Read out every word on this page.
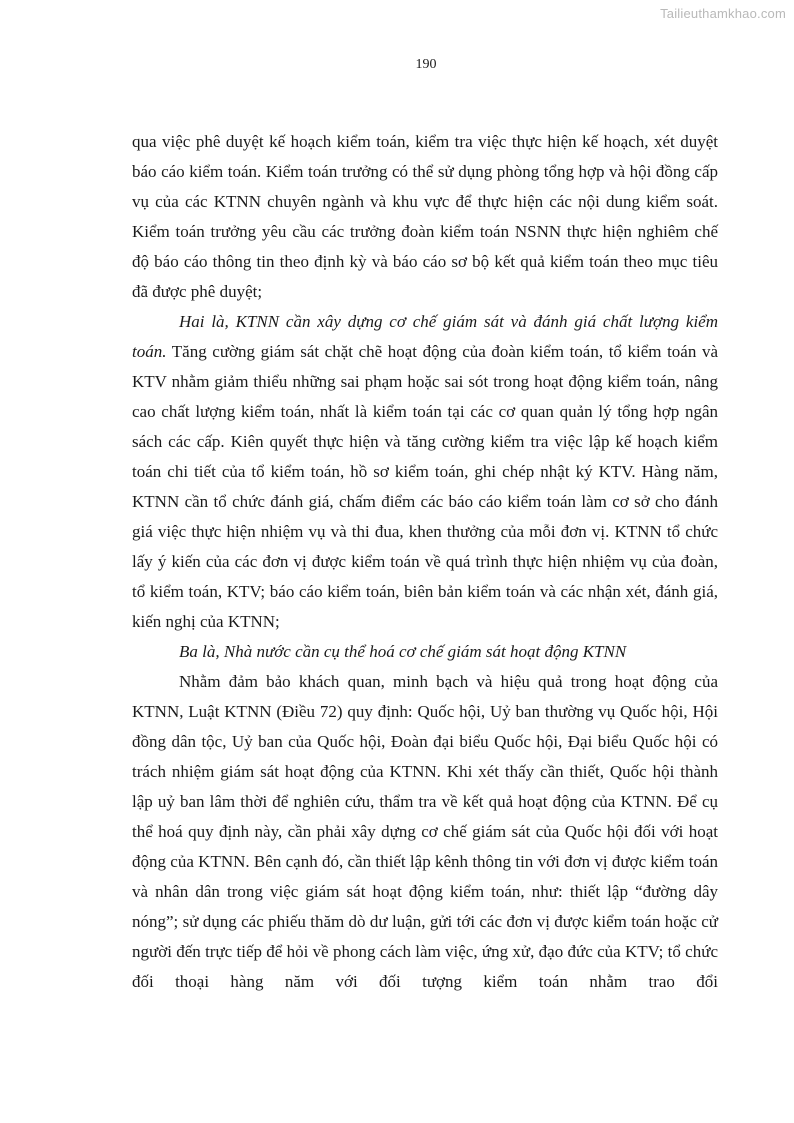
Tailieuthamkhao.com
190

qua việc phê duyệt kế hoạch kiểm toán, kiểm tra việc thực hiện kế hoạch, xét duyệt báo cáo kiểm toán. Kiểm toán trưởng có thể sử dụng phòng tổng hợp và hội đồng cấp vụ của các KTNN chuyên ngành và khu vực để thực hiện các nội dung kiểm soát. Kiểm toán trưởng yêu cầu các trưởng đoàn kiểm toán NSNN thực hiện nghiêm chế độ báo cáo thông tin theo định kỳ và báo cáo sơ bộ kết quả kiểm toán theo mục tiêu đã được phê duyệt;

Hai là, KTNN cần xây dựng cơ chế giám sát và đánh giá chất lượng kiểm toán. Tăng cường giám sát chặt chẽ hoạt động của đoàn kiểm toán, tổ kiểm toán và KTV nhằm giảm thiểu những sai phạm hoặc sai sót trong hoạt động kiểm toán, nâng cao chất lượng kiểm toán, nhất là kiểm toán tại các cơ quan quản lý tổng hợp ngân sách các cấp. Kiên quyết thực hiện và tăng cường kiểm tra việc lập kế hoạch kiểm toán chi tiết của tổ kiểm toán, hồ sơ kiểm toán, ghi chép nhật ký KTV. Hàng năm, KTNN cần tổ chức đánh giá, chấm điểm các báo cáo kiểm toán làm cơ sở cho đánh giá việc thực hiện nhiệm vụ và thi đua, khen thưởng của mỗi đơn vị. KTNN tổ chức lấy ý kiến của các đơn vị được kiểm toán về quá trình thực hiện nhiệm vụ của đoàn, tổ kiểm toán, KTV; báo cáo kiểm toán, biên bản kiểm toán và các nhận xét, đánh giá, kiến nghị của KTNN;

Ba là, Nhà nước cần cụ thể hoá cơ chế giám sát hoạt động KTNN

Nhằm đảm bảo khách quan, minh bạch và hiệu quả trong hoạt động của KTNN, Luật KTNN (Điều 72) quy định: Quốc hội, Uỷ ban thường vụ Quốc hội, Hội đồng dân tộc, Uỷ ban của Quốc hội, Đoàn đại biểu Quốc hội, Đại biểu Quốc hội có trách nhiệm giám sát hoạt động của KTNN. Khi xét thấy cần thiết, Quốc hội thành lập uỷ ban lâm thời để nghiên cứu, thẩm tra về kết quả hoạt động của KTNN. Để cụ thể hoá quy định này, cần phải xây dựng cơ chế giám sát của Quốc hội đối với hoạt động của KTNN. Bên cạnh đó, cần thiết lập kênh thông tin với đơn vị được kiểm toán và nhân dân trong việc giám sát hoạt động kiểm toán, như: thiết lập “đường dây nóng”; sử dụng các phiếu thăm dò dư luận, gửi tới các đơn vị được kiểm toán hoặc cử người đến trực tiếp để hỏi về phong cách làm việc, ứng xử, đạo đức của KTV; tổ chức đối thoại hàng năm với đối tượng kiểm toán nhằm trao đổi
